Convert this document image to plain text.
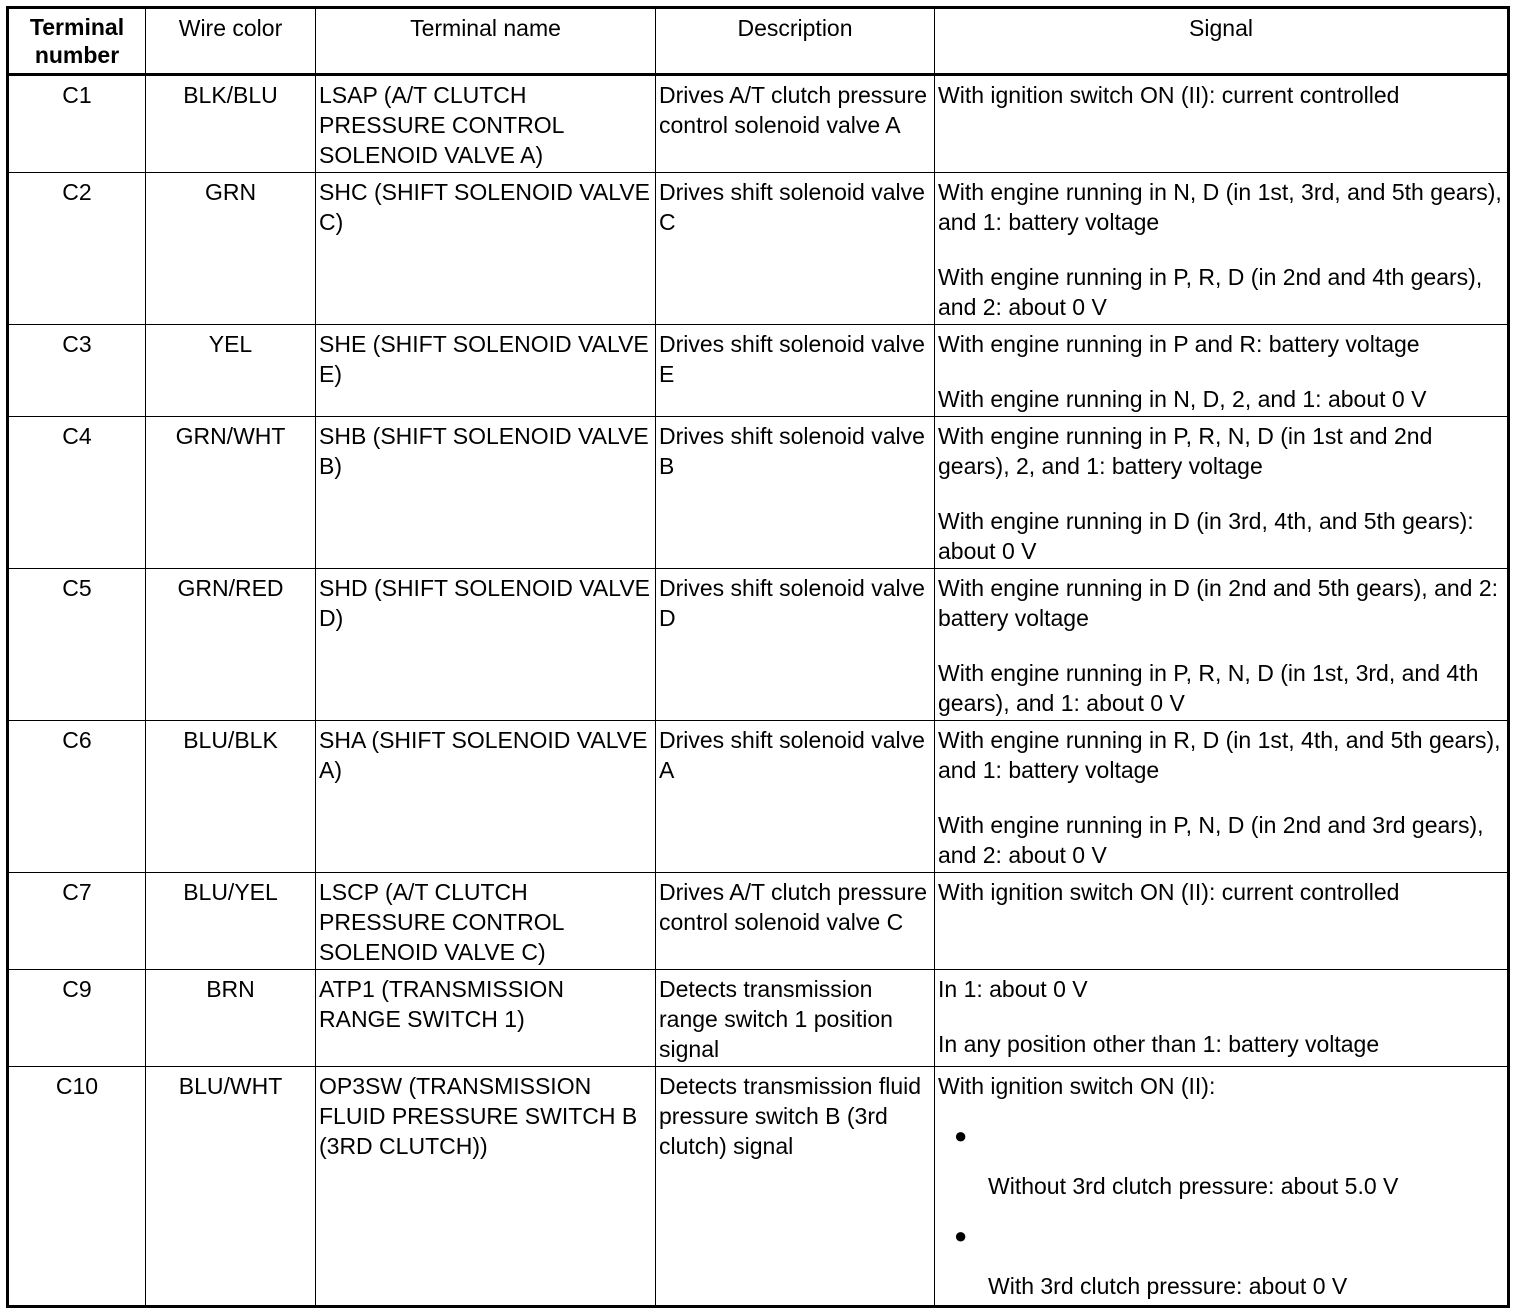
Terminal number	Wire color	Terminal name	Description	Signal
C1	BLK/BLU	LSAP (A/T CLUTCH PRESSURE CONTROL SOLENOID VALVE A)	Drives A/T clutch pressure control solenoid valve A	With ignition switch ON (II): current controlled

C2	GRN	SHC (SHIFT SOLENOID VALVE C)	Drives shift solenoid valve C	With engine running in N, D (in 1st, 3rd, and 5th gears), and 1: battery voltage

With engine running in P, R, D (in 2nd and 4th gears), and 2: about 0 V

C3	YEL	SHE (SHIFT SOLENOID VALVE E)	Drives shift solenoid valve E	With engine running in P and R: battery voltage

With engine running in N, D, 2, and 1: about 0 V

C4	GRN/WHT	SHB (SHIFT SOLENOID VALVE B)	Drives shift solenoid valve B	With engine running in P, R, N, D (in 1st and 2nd gears), 2, and 1: battery voltage

With engine running in D (in 3rd, 4th, and 5th gears): about 0 V

C5	GRN/RED	SHD (SHIFT SOLENOID VALVE D)	Drives shift solenoid valve D	With engine running in D (in 2nd and 5th gears), and 2: battery voltage

With engine running in P, R, N, D (in 1st, 3rd, and 4th gears), and 1: about 0 V

C6	BLU/BLK	SHA (SHIFT SOLENOID VALVE A)	Drives shift solenoid valve A	With engine running in R, D (in 1st, 4th, and 5th gears), and 1: battery voltage

With engine running in P, N, D (in 2nd and 3rd gears), and 2: about 0 V

C7	BLU/YEL	LSCP (A/T CLUTCH PRESSURE CONTROL SOLENOID VALVE C)	Drives A/T clutch pressure control solenoid valve C	With ignition switch ON (II): current controlled

C9	BRN	ATP1 (TRANSMISSION RANGE SWITCH 1)	Detects transmission range switch 1 position signal	In 1: about 0 V

In any position other than 1: battery voltage

C10	BLU/WHT	OP3SW (TRANSMISSION FLUID PRESSURE SWITCH B (3RD CLUTCH))	Detects transmission fluid pressure switch B (3rd clutch) signal	With ignition switch ON (II):

●
Without 3rd clutch pressure: about 5.0 V
●
With 3rd clutch pressure: about 0 V
